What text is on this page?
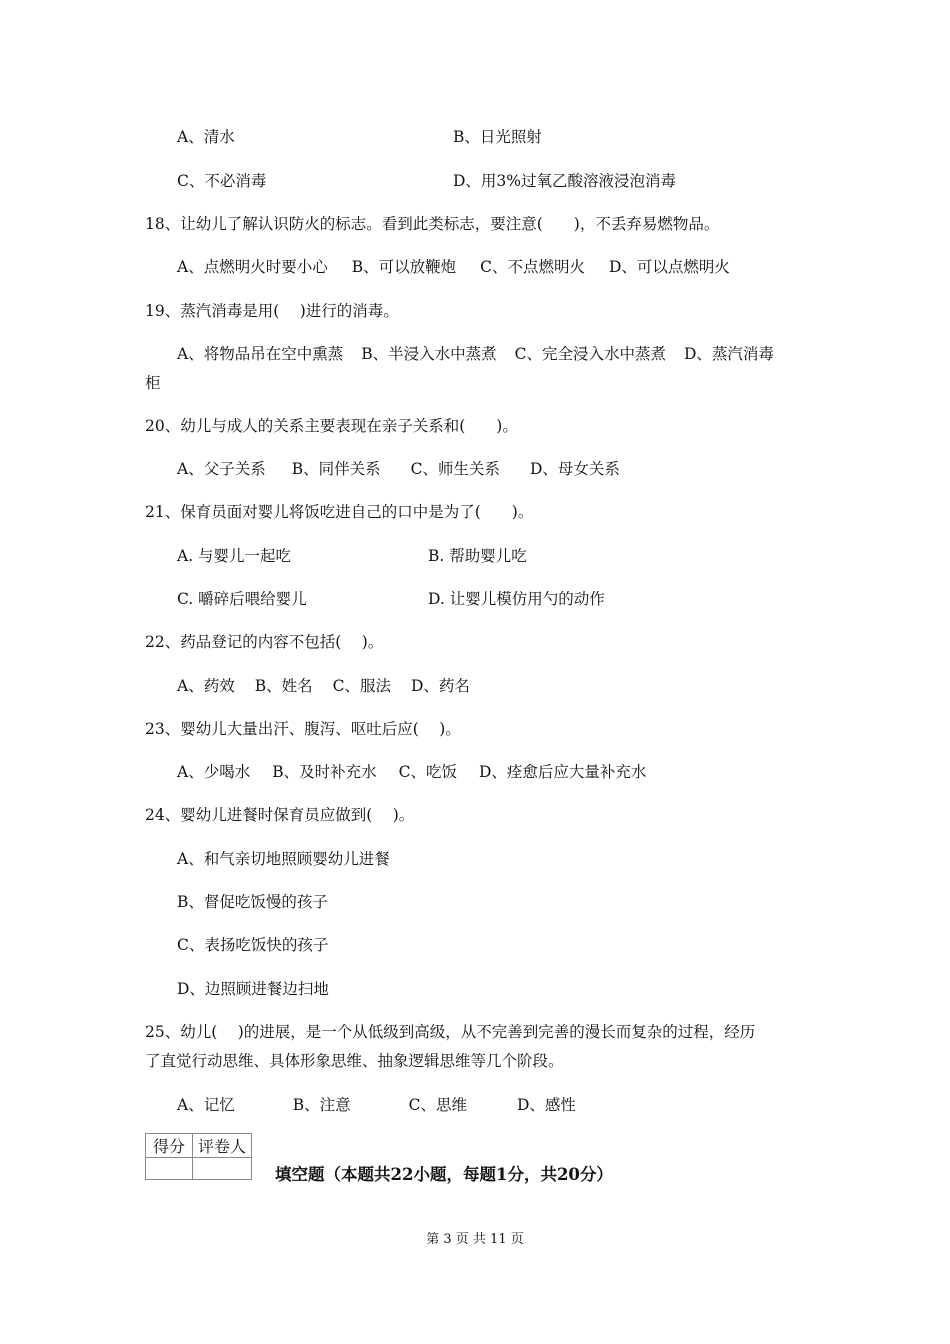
A、清水	B、日光照射
C、不必消毒	D、用3%过氧乙酸溶液浸泡消毒
18、让幼儿了解认识防火的标志。看到此类标志，要注意(　　)，不丢弃易燃物品。
A、点燃明火时要小心 B、可以放鞭炮 C、不点燃明火 D、可以点燃明火
19、蒸汽消毒是用(　 )进行的消毒。
A、将物品吊在空中熏蒸 B、半浸入水中蒸煮 C、完全浸入水中蒸煮 D、蒸汽消毒
柜
20、幼儿与成人的关系主要表现在亲子关系和(　　)。
A、父子关系 B、同伴关系 C、师生关系 D、母女关系
21、保育员面对婴儿将饭吃进自己的口中是为了(　　)。
A. 与婴儿一起吃	B. 帮助婴儿吃
C. 嚼碎后喂给婴儿	D. 让婴儿模仿用勺的动作
22、药品登记的内容不包括(　 )。
A、药效 B、姓名 C、服法 D、药名
23、婴幼儿大量出汗、腹泻、呕吐后应(　 )。
A、少喝水 B、及时补充水 C、吃饭 D、痊愈后应大量补充水
24、婴幼儿进餐时保育员应做到(　 )。
A、和气亲切地照顾婴幼儿进餐
B、督促吃饭慢的孩子
C、表扬吃饭快的孩子
D、边照顾进餐边扫地
25、幼儿(　 )的进展，是一个从低级到高级，从不完善到完善的漫长而复杂的过程，经历
了直觉行动思维、具体形象思维、抽象逻辑思维等几个阶段。
A、记忆	B、注意	C、思维	D、感性
得分	评卷人

填空题（本题共22小题，每题1分，共20分）
第 3 页 共 11 页
